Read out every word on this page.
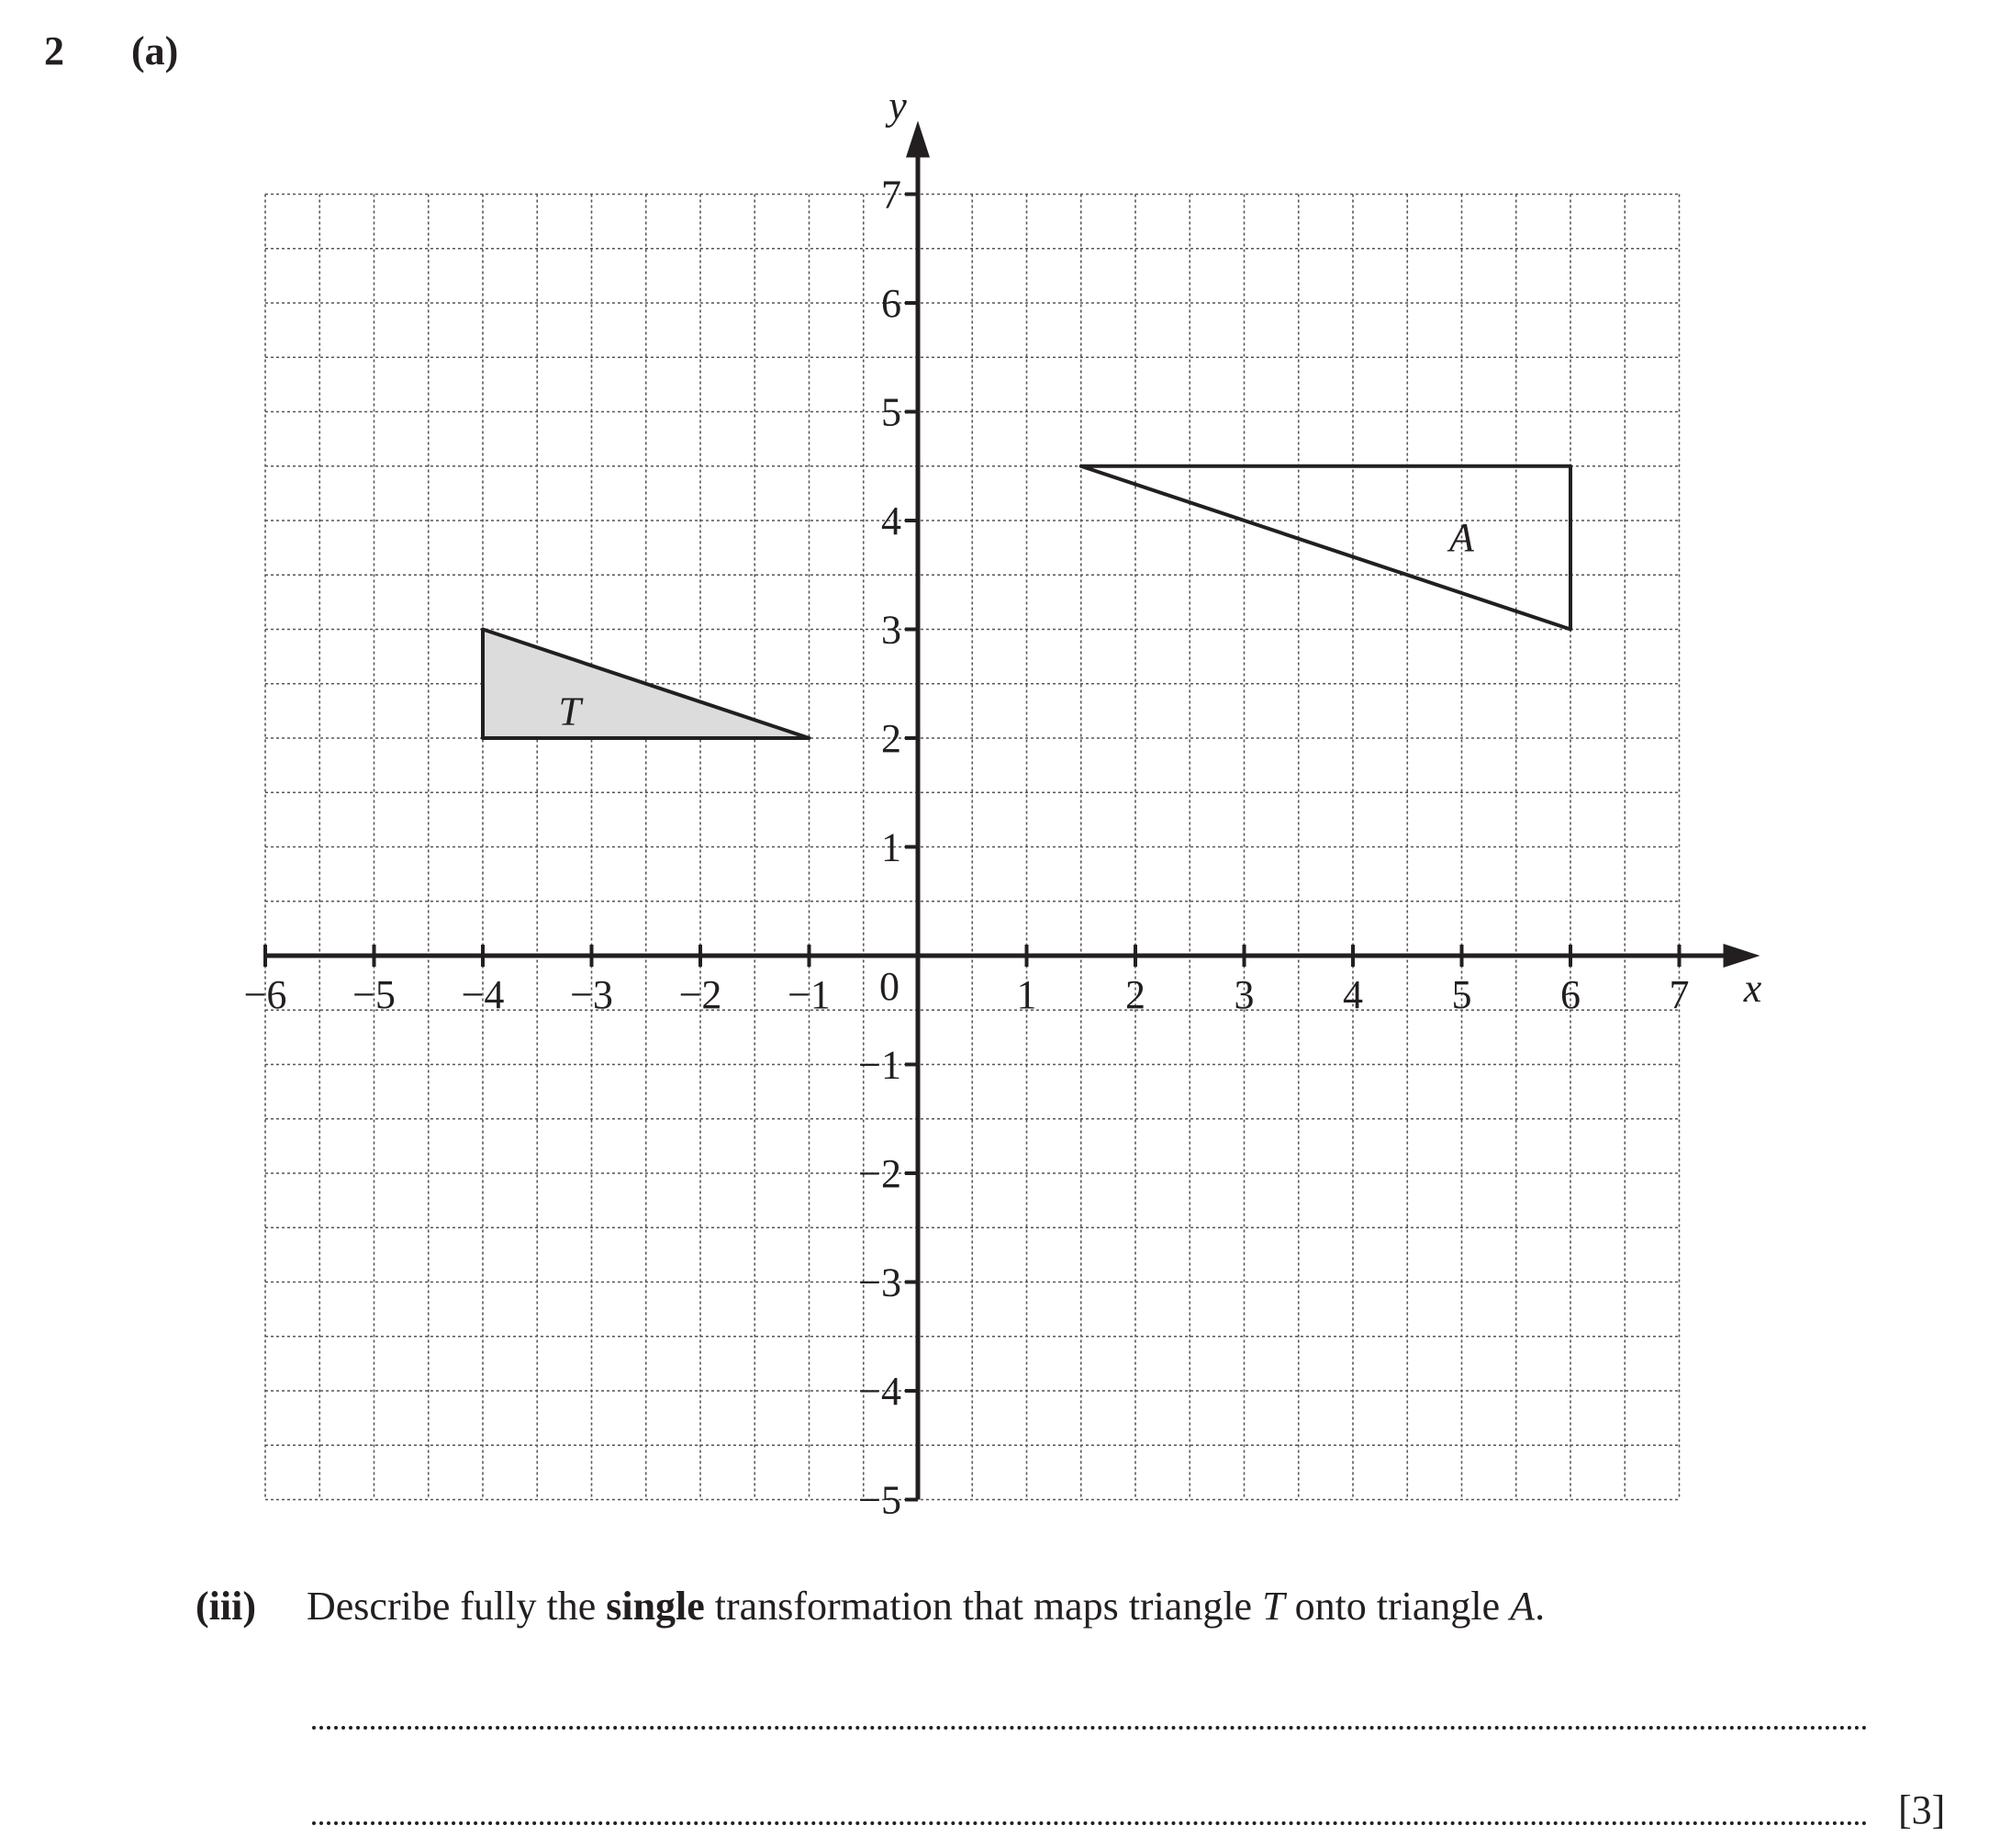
2 (a)
T
A
−6 −5 −4 −3 −2 −1	1 2 3 4 5 6 7
−5
−4
−3
−2
−1
1
2
3
4
5
6
7
0	x
y
(iii) Describe fully the single transformation that maps triangle T onto triangle A.
[3]
